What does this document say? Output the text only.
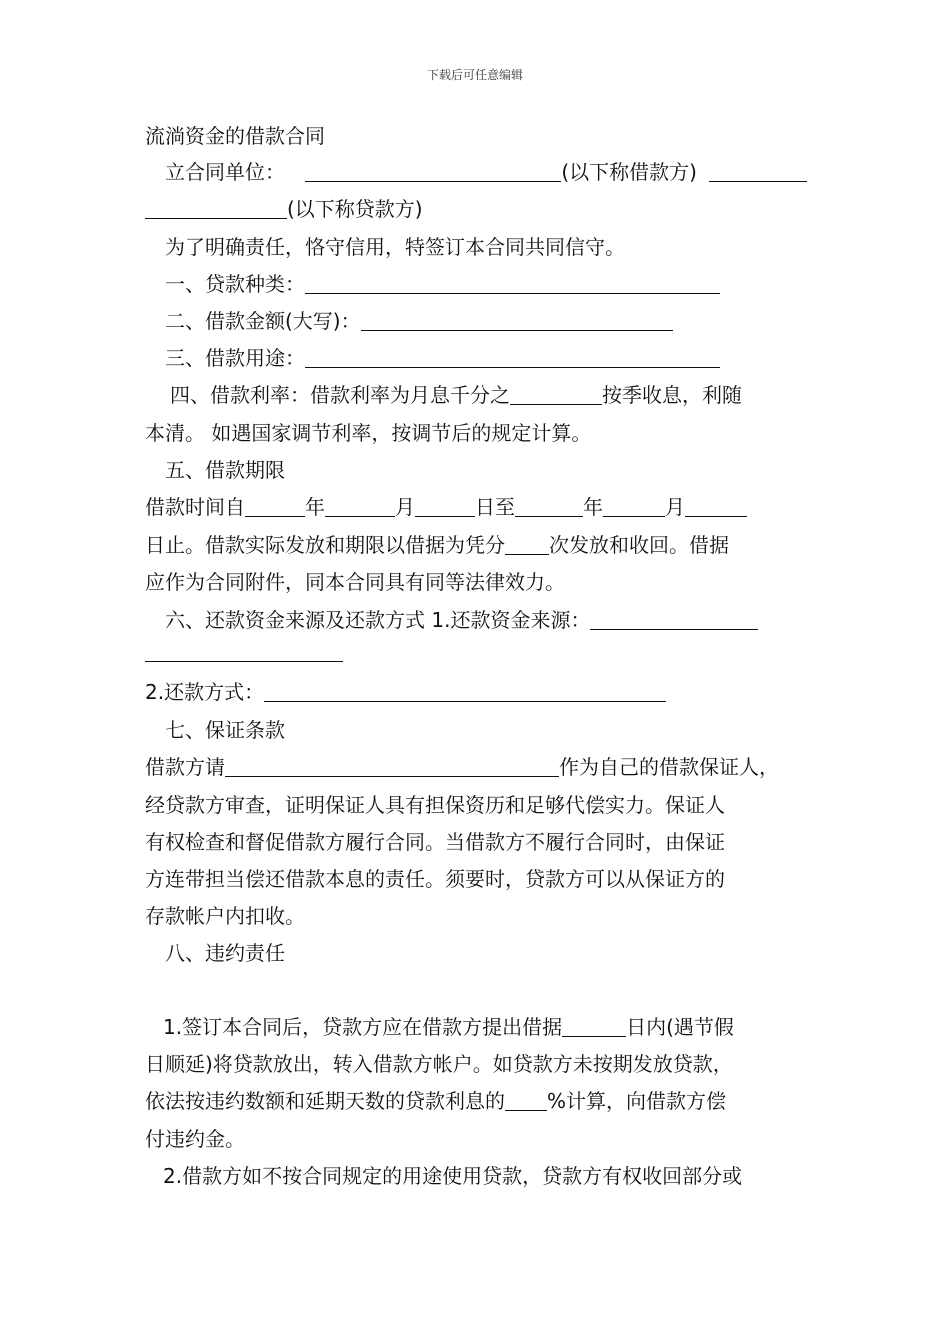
下载后可任意编辑
流淌资金的借款合同
立合同单位：	(以下称借款方)
(以下称贷款方)
为了明确责任，恪守信用，特签订本合同共同信守。
一、贷款种类：
二、借款金额(大写)：
三、借款用途：
四、借款利率：借款利率为月息千分之	按季收息，利随
本清。 如遇国家调节利率，按调节后的规定计算。
五、借款期限
借款时间自	年	月	日至	年	月
日止。借款实际发放和期限以借据为凭分 次发放和收回。借据
应作为合同附件，同本合同具有同等法律效力。
六、还款资金来源及还款方式 1.还款资金来源：
2.还款方式：
七、保证条款
借款方请	作为自己的借款保证人，
经贷款方审查，证明保证人具有担保资历和足够代偿实力。保证人
有权检查和督促借款方履行合同。当借款方不履行合同时，由保证
方连带担当偿还借款本息的责任。须要时，贷款方可以从保证方的
存款帐户内扣收。
八、违约责任
1.签订本合同后，贷款方应在借款方提出借据	日内(遇节假
日顺延)将贷款放出，转入借款方帐户。如贷款方未按期发放贷款，
依法按违约数额和延期天数的贷款利息的 %计算，向借款方偿
付违约金。
2.借款方如不按合同规定的用途使用贷款，贷款方有权收回部分或
